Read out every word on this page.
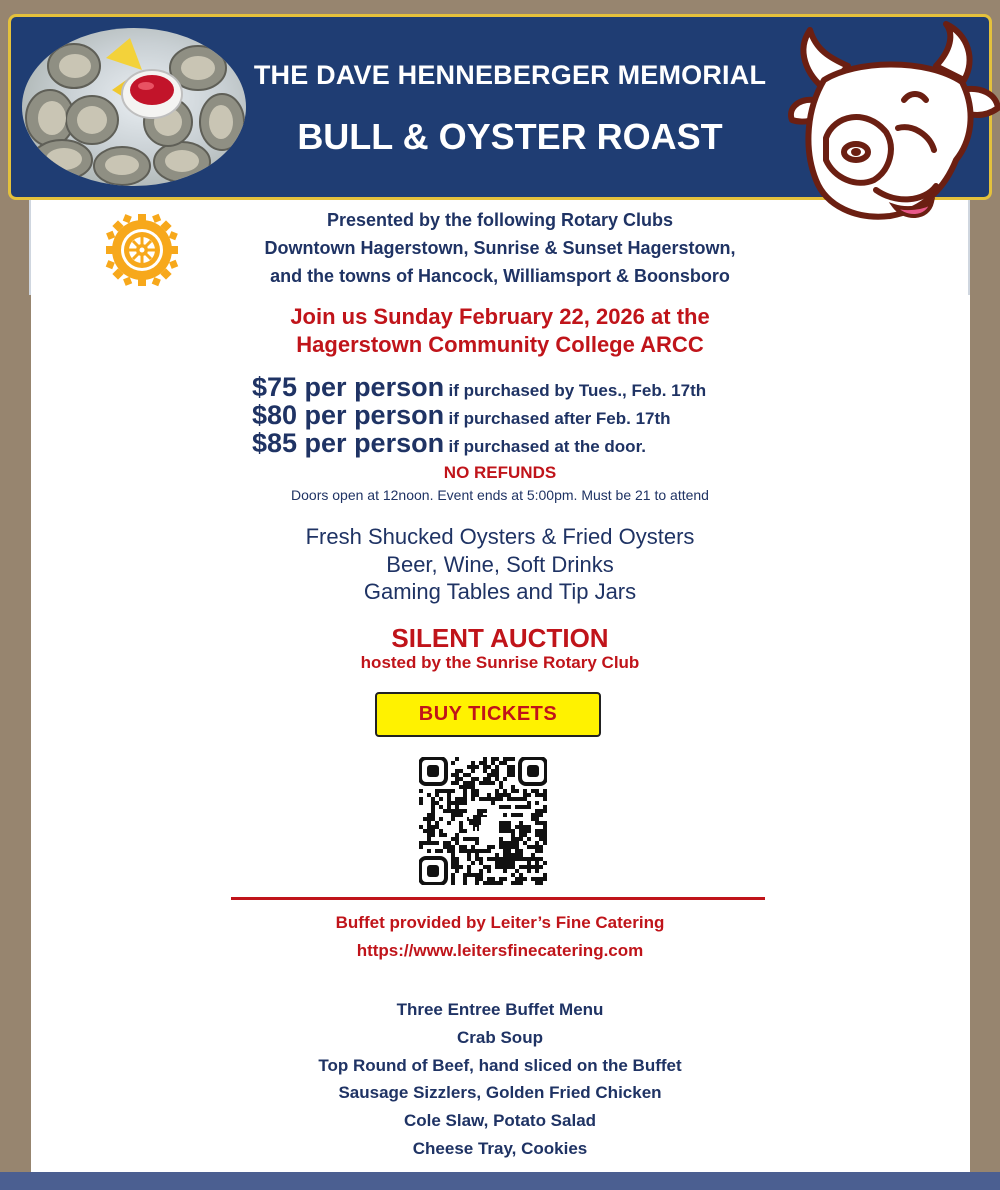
THE DAVE HENNEBERGER MEMORIAL
BULL & OYSTER ROAST
Presented by the following Rotary Clubs
Downtown Hagerstown, Sunrise & Sunset Hagerstown,
and the towns of Hancock, Williamsport & Boonsboro
Join us Sunday February 22, 2026 at the
Hagerstown Community College ARCC
$75 per person if purchased by Tues., Feb. 17th
$80 per person if purchased after Feb. 17th
$85 per person if purchased at the door.
NO REFUNDS
Doors open at 12noon. Event ends at 5:00pm. Must be 21 to attend
Fresh Shucked Oysters & Fried Oysters
Beer, Wine, Soft Drinks
Gaming Tables and Tip Jars
SILENT AUCTION
hosted by the Sunrise Rotary Club
BUY TICKETS
Buffet provided by Leiter’s Fine Catering
https://www.leitersfinecatering.com
Three Entree Buffet Menu
Crab Soup
Top Round of Beef, hand sliced on the Buffet
Sausage Sizzlers, Golden Fried Chicken
Cole Slaw, Potato Salad
Cheese Tray, Cookies
